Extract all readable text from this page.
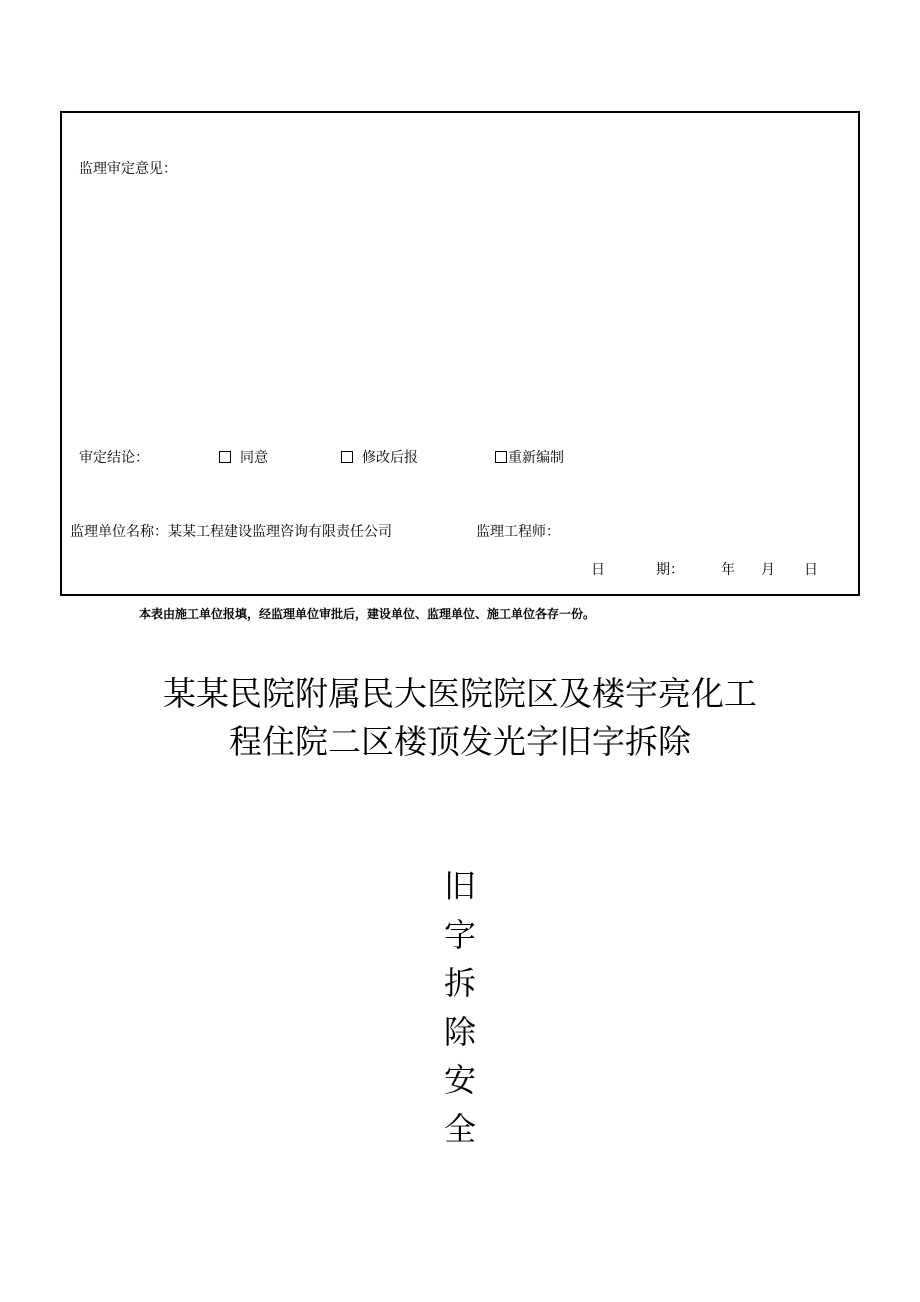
监理审定意见：
审定结论：	同意	修改后报	重新编制
监理单位名称：某某工程建设监理咨询有限责任公司	监理工程师：
日	期：	年 月 日
本表由施工单位报填，经监理单位审批后，建设单位、监理单位、施工单位各存一份。
某某民院附属民大医院院区及楼宇亮化工
程住院二区楼顶发光字旧字拆除
旧
字
拆
除
安
全
